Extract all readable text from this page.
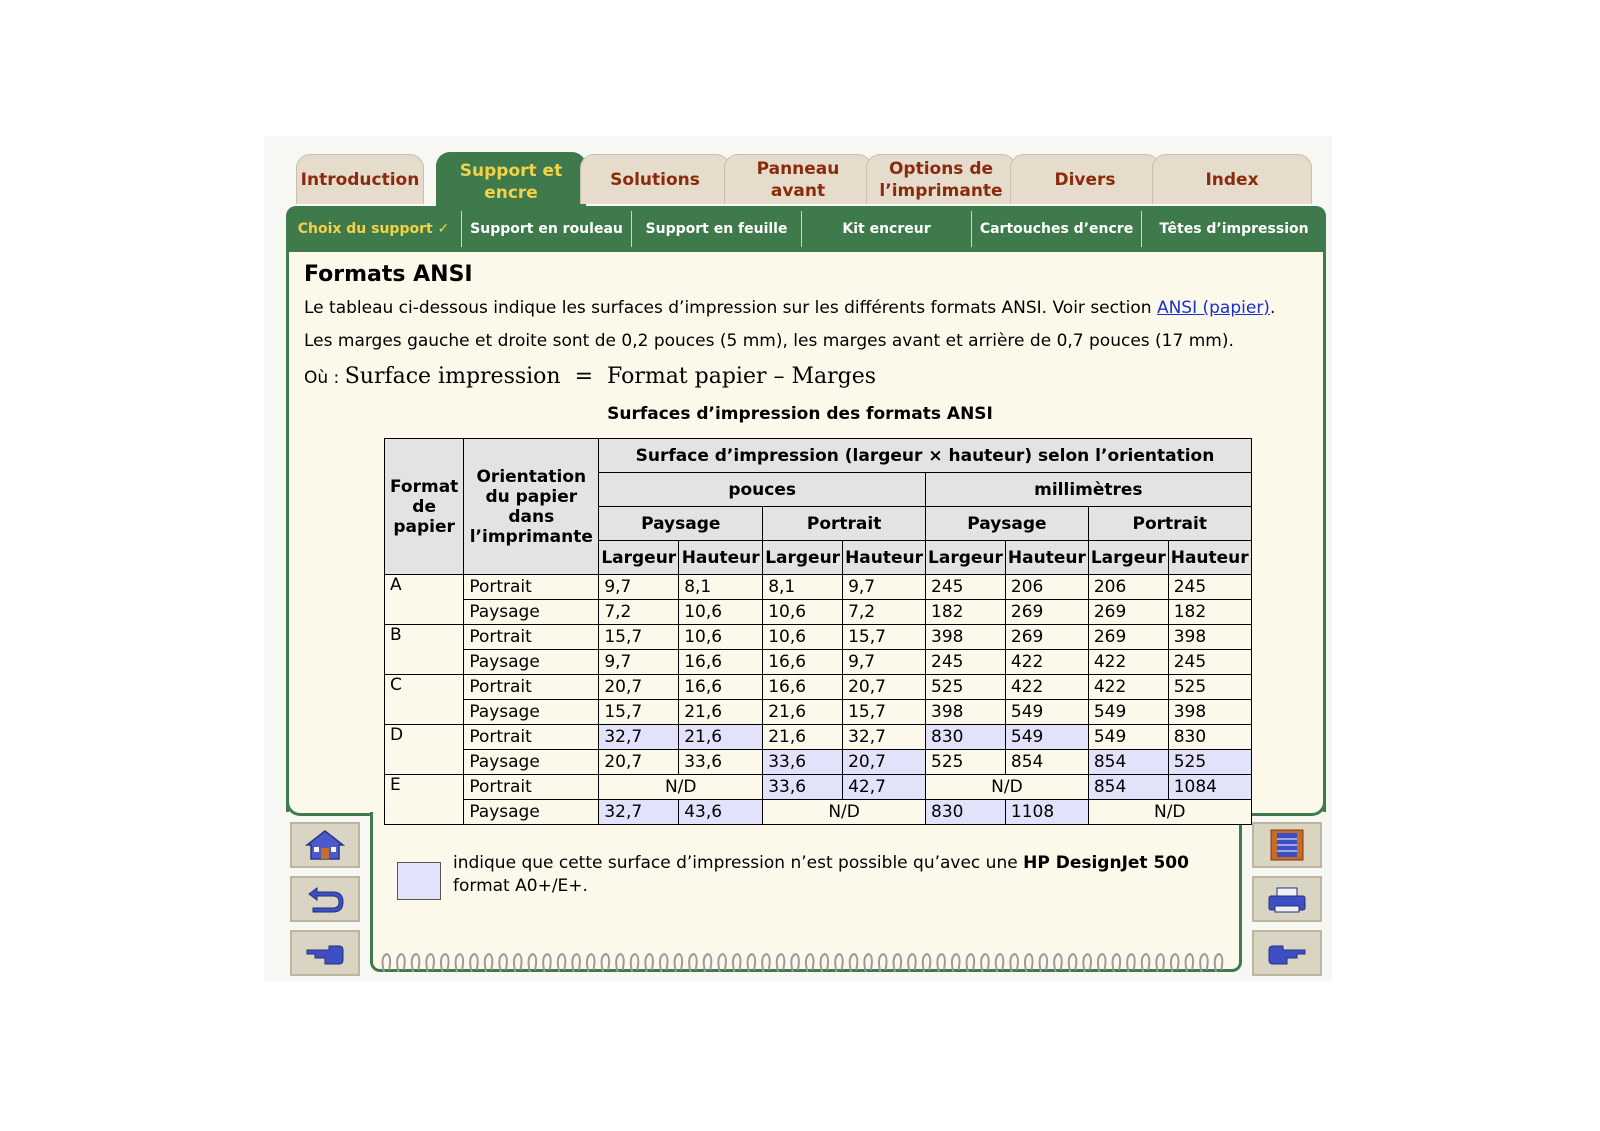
Introduction	Support et encre
Solutions
Panneau avant
Options de l’imprimante
Divers	Index
Choix du support ✓ Support en rouleau Support en feuille	Kit encreur	Cartouches d’encre Têtes d’impression
Formats ANSI
Le tableau ci-dessous indique les surfaces d’impression sur les différents formats ANSI. Voir section ANSI (papier).
Les marges gauche et droite sont de 0,2 pouces (5 mm), les marges avant et arrière de 0,7 pouces (17 mm).
Où : Surface impression  =  Format papier – Marges
Surfaces d’impression des formats ANSI
Format de papier	Orientation du papier dans l’imprimante	Surface d’impression (largeur × hauteur) selon l’orientation							
		pouces				millimètres			
		Paysage		Portrait		Paysage		Portrait	
		Largeur	Hauteur	Largeur	Hauteur	Largeur	Hauteur	Largeur	Hauteur
A	Portrait	9,7	8,1	8,1	9,7	245	206	206	245
	Paysage	7,2	10,6	10,6	7,2	182	269	269	182
B	Portrait	15,7	10,6	10,6	15,7	398	269	269	398
	Paysage	9,7	16,6	16,6	9,7	245	422	422	245
C	Portrait	20,7	16,6	16,6	20,7	525	422	422	525
	Paysage	15,7	21,6	21,6	15,7	398	549	549	398
D	Portrait	32,7	21,6	21,6	32,7	830	549	549	830
	Paysage	20,7	33,6	33,6	20,7	525	854	854	525
E	Portrait	N/D		33,6	42,7	N/D		854	1084
	Paysage	32,7	43,6	N/D		830	1108	N/D	
indique que cette surface d’impression n’est possible qu’avec une HP DesignJet 500 format A0+/E+.
